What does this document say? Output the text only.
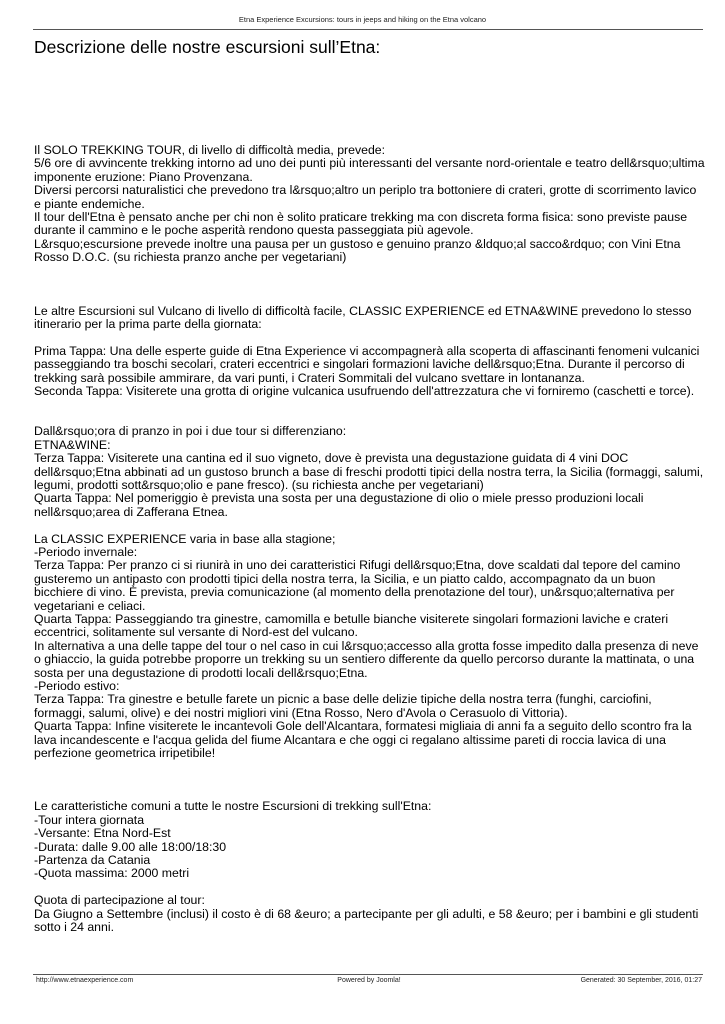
Etna Experience Excursions: tours in jeeps and hiking on the Etna volcano
Descrizione delle nostre escursioni sull’Etna:

Il SOLO TREKKING TOUR, di livello di difficoltà media, prevede:

5/6 ore di avvincente trekking intorno ad uno dei punti più interessanti del versante nord-orientale e teatro dell&rsquo;ultima imponente eruzione: Piano Provenzana.

Diversi percorsi naturalistici che prevedono tra l&rsquo;altro un periplo tra bottoniere di crateri, grotte di scorrimento lavico e piante endemiche.

Il tour dell'Etna è pensato anche per chi non è solito praticare trekking ma con discreta forma fisica: sono previste pause durante il cammino e le poche asperità rendono questa passeggiata più agevole.

L&rsquo;escursione prevede inoltre una pausa per un gustoso e genuino pranzo &ldquo;al sacco&rdquo; con Vini Etna Rosso D.O.C. (su richiesta pranzo anche per vegetariani)

Le altre Escursioni sul Vulcano di livello di difficoltà facile, CLASSIC EXPERIENCE ed ETNA&WINE prevedono lo stesso itinerario per la prima parte della giornata:

Prima Tappa: Una delle esperte guide di Etna Experience vi accompagnerà alla scoperta di affascinanti fenomeni vulcanici passeggiando tra boschi secolari, crateri eccentrici e singolari formazioni laviche dell&rsquo;Etna. Durante il percorso di trekking sarà possibile ammirare, da vari punti, i Crateri Sommitali del vulcano svettare in lontananza.

Seconda Tappa: Visiterete una grotta di origine vulcanica usufruendo dell'attrezzatura che vi forniremo (caschetti e torce).

Dall&rsquo;ora di pranzo in poi i due tour si differenziano:

ETNA&WINE:

Terza Tappa: Visiterete una cantina ed il suo vigneto, dove è prevista una degustazione guidata di 4 vini DOC dell&rsquo;Etna abbinati ad un gustoso brunch a base di freschi prodotti tipici della nostra terra, la Sicilia (formaggi, salumi, legumi, prodotti sott&rsquo;olio e pane fresco). (su richiesta anche per vegetariani)

Quarta Tappa: Nel pomeriggio è prevista una sosta per una degustazione di olio o miele presso produzioni locali nell&rsquo;area di Zafferana Etnea.

La CLASSIC EXPERIENCE varia in base alla stagione;

-Periodo invernale:

Terza Tappa: Per pranzo ci si riunirà in uno dei caratteristici Rifugi dell&rsquo;Etna, dove scaldati dal tepore del camino gusteremo un antipasto con prodotti tipici della nostra terra, la Sicilia, e un piatto caldo, accompagnato da un buon bicchiere di vino. È prevista, previa comunicazione (al momento della prenotazione del tour), un&rsquo;alternativa per vegetariani e celiaci.

Quarta Tappa: Passeggiando tra ginestre, camomilla e betulle bianche visiterete singolari formazioni laviche e crateri eccentrici, solitamente sul versante di Nord-est del vulcano.

In alternativa a una delle tappe del tour o nel caso in cui l&rsquo;accesso alla grotta fosse impedito dalla presenza di neve o ghiaccio, la guida potrebbe proporre un trekking su un sentiero differente da quello percorso durante la mattinata, o una sosta per una degustazione di prodotti locali dell&rsquo;Etna.

-Periodo estivo:

Terza Tappa: Tra ginestre e betulle farete un picnic a base delle delizie tipiche della nostra terra (funghi, carciofini, formaggi, salumi, olive) e dei nostri migliori vini (Etna Rosso, Nero d'Avola o Cerasuolo di Vittoria).

Quarta Tappa: Infine visiterete le incantevoli Gole dell'Alcantara, formatesi migliaia di anni fa a seguito dello scontro fra la lava incandescente e l'acqua gelida del fiume Alcantara e che oggi ci regalano altissime pareti di roccia lavica di una perfezione geometrica irripetibile!

Le caratteristiche comuni a tutte le nostre Escursioni di trekking sull'Etna:

-Tour intera giornata

-Versante: Etna Nord-Est

-Durata: dalle 9.00 alle 18:00/18:30

-Partenza da Catania

-Quota massima: 2000 metri

Quota di partecipazione al tour:

Da Giugno a Settembre (inclusi) il costo è di 68 &euro; a partecipante per gli adulti, e 58 &euro; per i bambini e gli studenti sotto i 24 anni.

http://www.etnaexperience.com	Powered by Joomla!	Generated: 30 September, 2016, 01:27
